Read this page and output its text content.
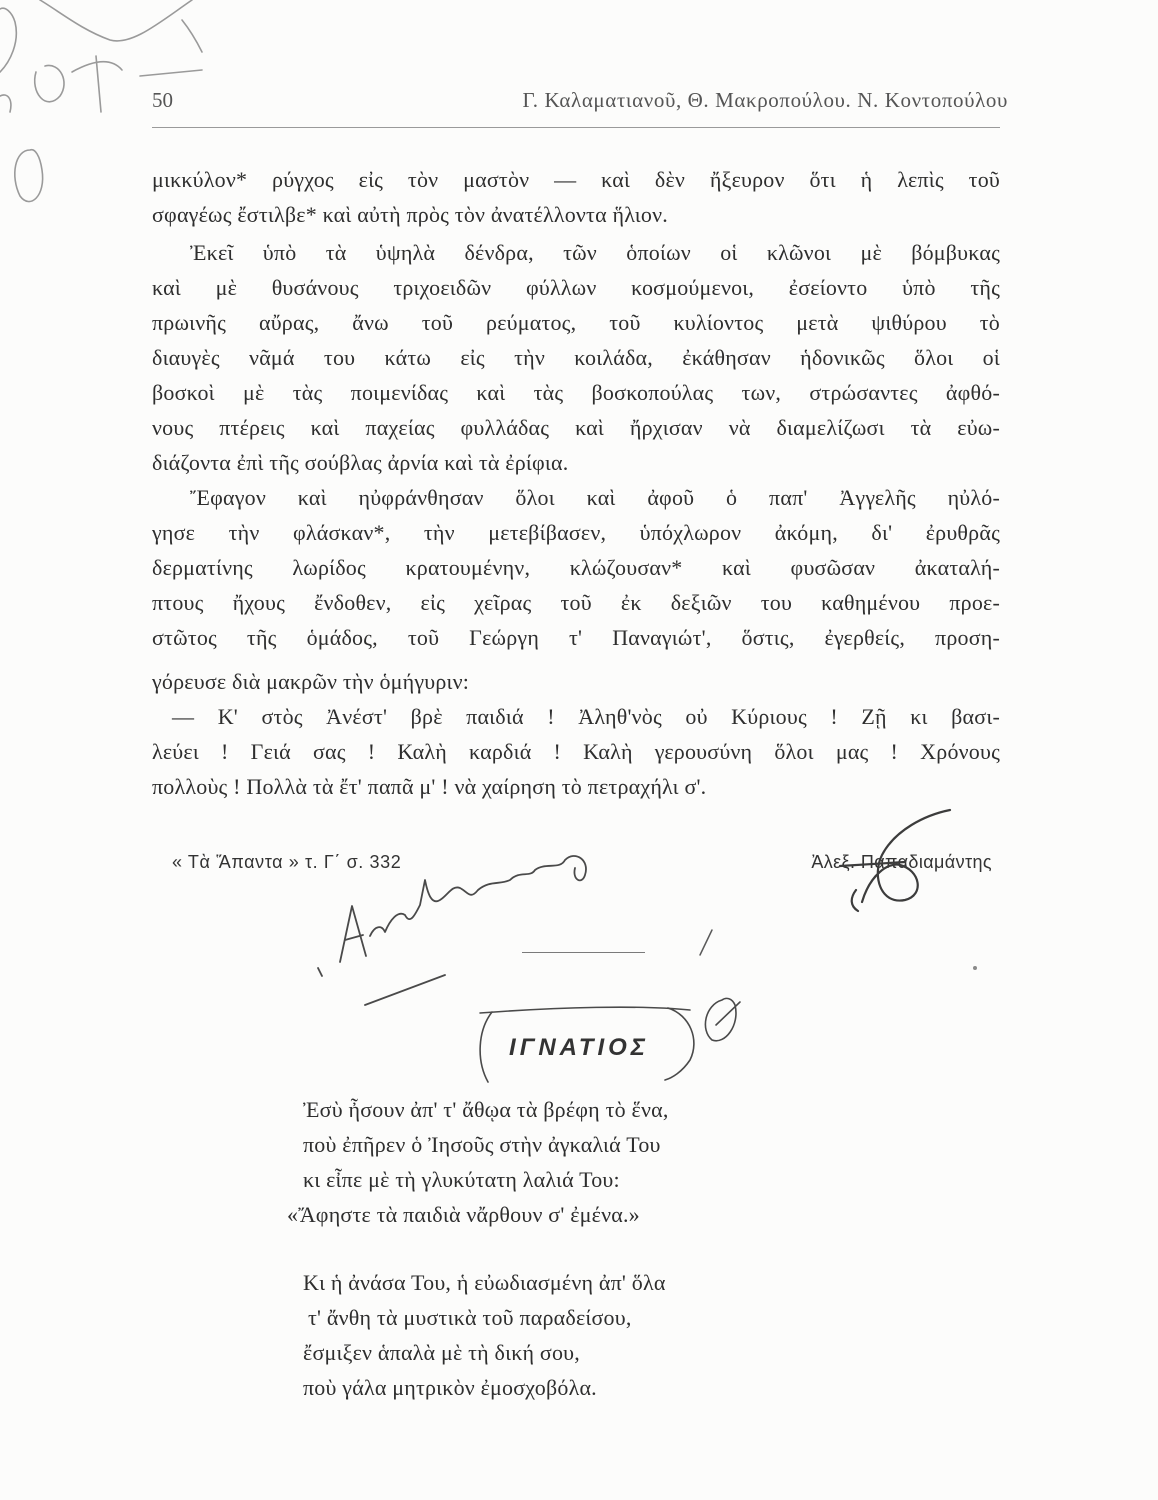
50	Γ. Καλαματιανοῦ, Θ. Μακροπούλου. Ν. Κοντοπούλου
μικκύλον* ρύγχος εἰς τὸν μαστὸν — καὶ δὲν ἤξευρον ὅτι ἡ λεπὶς τοῦ
σφαγέως ἔστιλβε* καὶ αὐτὴ πρὸς τὸν ἀνατέλλοντα ἥλιον.
Ἐκεῖ ὑπὸ τὰ ὑψηλὰ δένδρα, τῶν ὁποίων οἱ κλῶνοι μὲ βόμβυκας
καὶ μὲ θυσάνους τριχοειδῶν φύλλων κοσμούμενοι, ἐσείοντο ὑπὸ τῆς
πρωινῆς αὔρας, ἄνω τοῦ ρεύματος, τοῦ κυλίοντος μετὰ ψιθύρου τὸ
διαυγὲς νᾶμά του κάτω εἰς τὴν κοιλάδα, ἐκάθησαν ἡδονικῶς ὅλοι οἱ
βοσκοὶ μὲ τὰς ποιμενίδας καὶ τὰς βοσκοπούλας των, στρώσαντες ἀφθό-
νους πτέρεις καὶ παχείας φυλλάδας καὶ ἤρχισαν νὰ διαμελίζωσι τὰ εὐω-
διάζοντα ἐπὶ τῆς σούβλας ἀρνία καὶ τὰ ἐρίφια.
Ἔφαγον καὶ ηὐφράνθησαν ὅλοι καὶ ἀφοῦ ὁ παπ' Ἀγγελῆς ηὐλό-
γησε τὴν φλάσκαν*, τὴν μετεβίβασεν, ὑπόχλωρον ἀκόμη, δι' ἐρυθρᾶς
δερματίνης λωρίδος κρατουμένην, κλώζουσαν* καὶ φυσῶσαν ἀκαταλή-
πτους ἤχους ἔνδοθεν, εἰς χεῖρας τοῦ ἐκ δεξιῶν του καθημένου προε-
στῶτος τῆς ὁμάδος, τοῦ Γεώργη τ' Παναγιώτ', ὅστις, ἐγερθείς, προση-
γόρευσε διὰ μακρῶν τὴν ὁμήγυριν:
— Κ' στὸς Ἀνέστ' βρὲ παιδιά ! Ἀληθ'νὸς οὐ Κύριους ! Ζῇ κι βασι-
λεύει ! Γειά σας ! Καλὴ καρδιά ! Καλὴ γερουσύνη ὅλοι μας ! Χρόνους
πολλοὺς ! Πολλὰ τὰ ἔτ' παπᾶ μ' ! νὰ χαίρηση τὸ πετραχήλι σ'.
« Τὰ Ἅπαντα » τ. Γ΄ σ. 332	Ἀλεξ. Παπαδιαμάντης
ΙΓΝΑΤΙΟΣ
Ἐσὺ ἦσουν ἀπ' τ' ἄθῳα τὰ βρέφη τὸ ἕνα,
ποὺ ἐπῆρεν ὁ Ἰησοῦς στὴν ἀγκαλιά Του
κι εἶπε μὲ τὴ γλυκύτατη λαλιά Του:
«Ἄφηστε τὰ παιδιὰ νἄρθουν σ' ἐμένα.»
Κι ἡ ἀνάσα Του, ἡ εὐωδιασμένη ἀπ' ὅλα
τ' ἄνθη τὰ μυστικὰ τοῦ παραδείσου,
ἔσμιξεν ἁπαλὰ μὲ τὴ δική σου,
ποὺ γάλα μητρικὸν ἐμοσχοβόλα.
